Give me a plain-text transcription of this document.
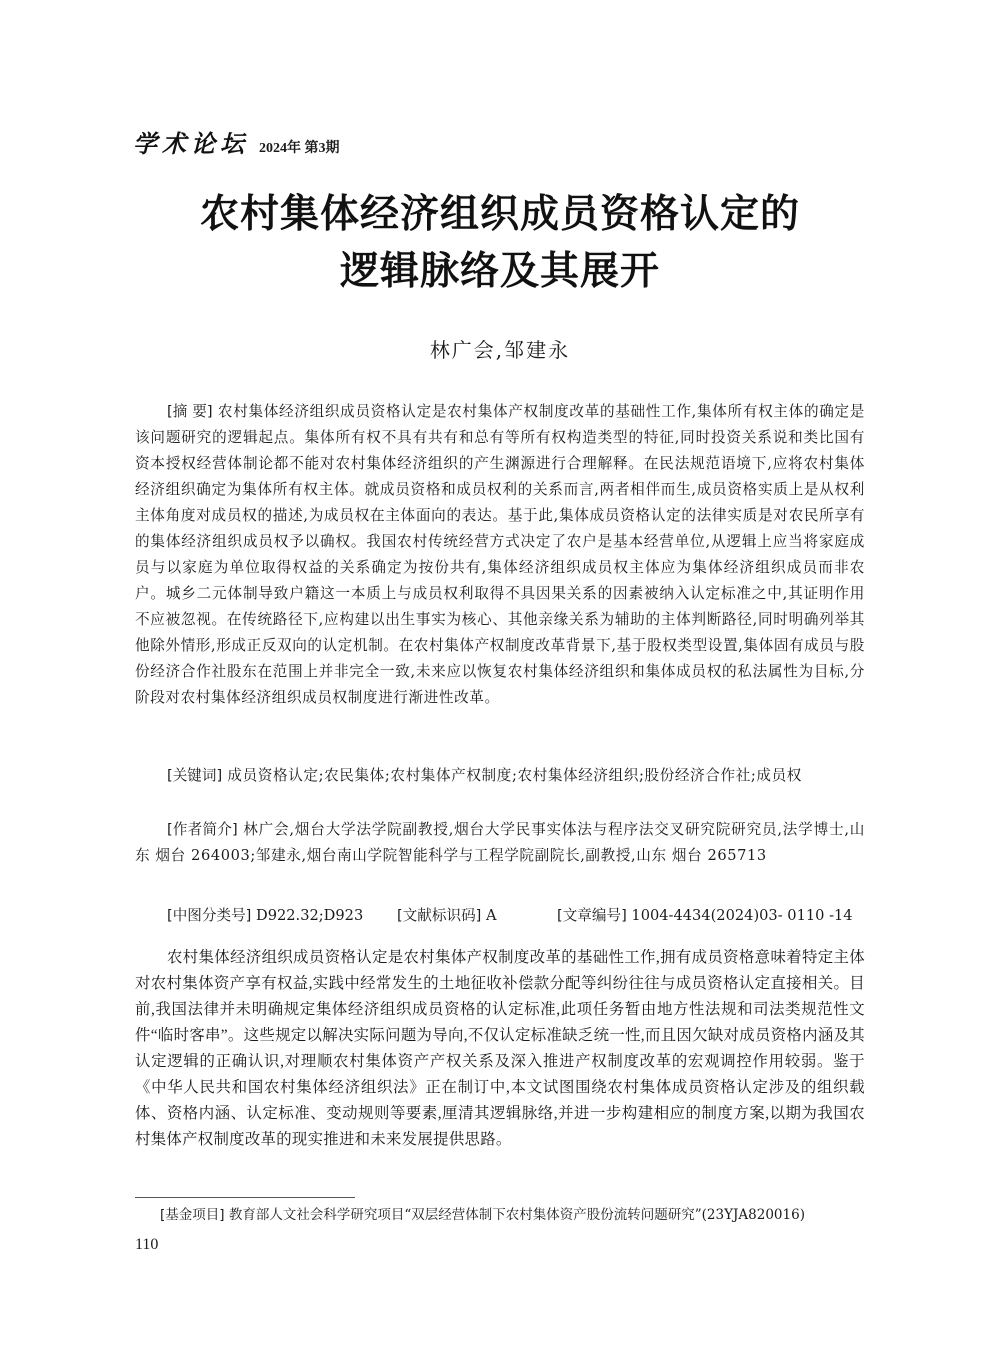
学术论坛 2024年 第3期
农村集体经济组织成员资格认定的
逻辑脉络及其展开
林广会,邹建永
[摘 要] 农村集体经济组织成员资格认定是农村集体产权制度改革的基础性工作,集体所有权主体的确定是该问题研究的逻辑起点。集体所有权不具有共有和总有等所有权构造类型的特征,同时投资关系说和类比国有资本授权经营体制论都不能对农村集体经济组织的产生渊源进行合理解释。在民法规范语境下,应将农村集体经济组织确定为集体所有权主体。就成员资格和成员权利的关系而言,两者相伴而生,成员资格实质上是从权利主体角度对成员权的描述,为成员权在主体面向的表达。基于此,集体成员资格认定的法律实质是对农民所享有的集体经济组织成员权予以确权。我国农村传统经营方式决定了农户是基本经营单位,从逻辑上应当将家庭成员与以家庭为单位取得权益的关系确定为按份共有,集体经济组织成员权主体应为集体经济组织成员而非农户。城乡二元体制导致户籍这一本质上与成员权利取得不具因果关系的因素被纳入认定标准之中,其证明作用不应被忽视。在传统路径下,应构建以出生事实为核心、其他亲缘关系为辅助的主体判断路径,同时明确列举其他除外情形,形成正反双向的认定机制。在农村集体产权制度改革背景下,基于股权类型设置,集体固有成员与股份经济合作社股东在范围上并非完全一致,未来应以恢复农村集体经济组织和集体成员权的私法属性为目标,分阶段对农村集体经济组织成员权制度进行渐进性改革。
[关键词] 成员资格认定;农民集体;农村集体产权制度;农村集体经济组织;股份经济合作社;成员权
[作者简介] 林广会,烟台大学法学院副教授,烟台大学民事实体法与程序法交叉研究院研究员,法学博士,山东 烟台 264003;邹建永,烟台南山学院智能科学与工程学院副院长,副教授,山东 烟台 265713
[中图分类号] D922.32;D923 [文献标识码] A	[文章编号] 1004-4434(2024)03- 0110 -14
农村集体经济组织成员资格认定是农村集体产权制度改革的基础性工作,拥有成员资格意味着特定主体对农村集体资产享有权益,实践中经常发生的土地征收补偿款分配等纠纷往往与成员资格认定直接相关。目前,我国法律并未明确规定集体经济组织成员资格的认定标准,此项任务暂由地方性法规和司法类规范性文件“临时客串”。这些规定以解决实际问题为导向,不仅认定标准缺乏统一性,而且因欠缺对成员资格内涵及其认定逻辑的正确认识,对理顺农村集体资产产权关系及深入推进产权制度改革的宏观调控作用较弱。鉴于《中华人民共和国农村集体经济组织法》正在制订中,本文试图围绕农村集体成员资格认定涉及的组织载体、资格内涵、认定标准、变动规则等要素,厘清其逻辑脉络,并进一步构建相应的制度方案,以期为我国农村集体产权制度改革的现实推进和未来发展提供思路。
[基金项目] 教育部人文社会科学研究项目“双层经营体制下农村集体资产股份流转问题研究”(23YJA820016)
110
